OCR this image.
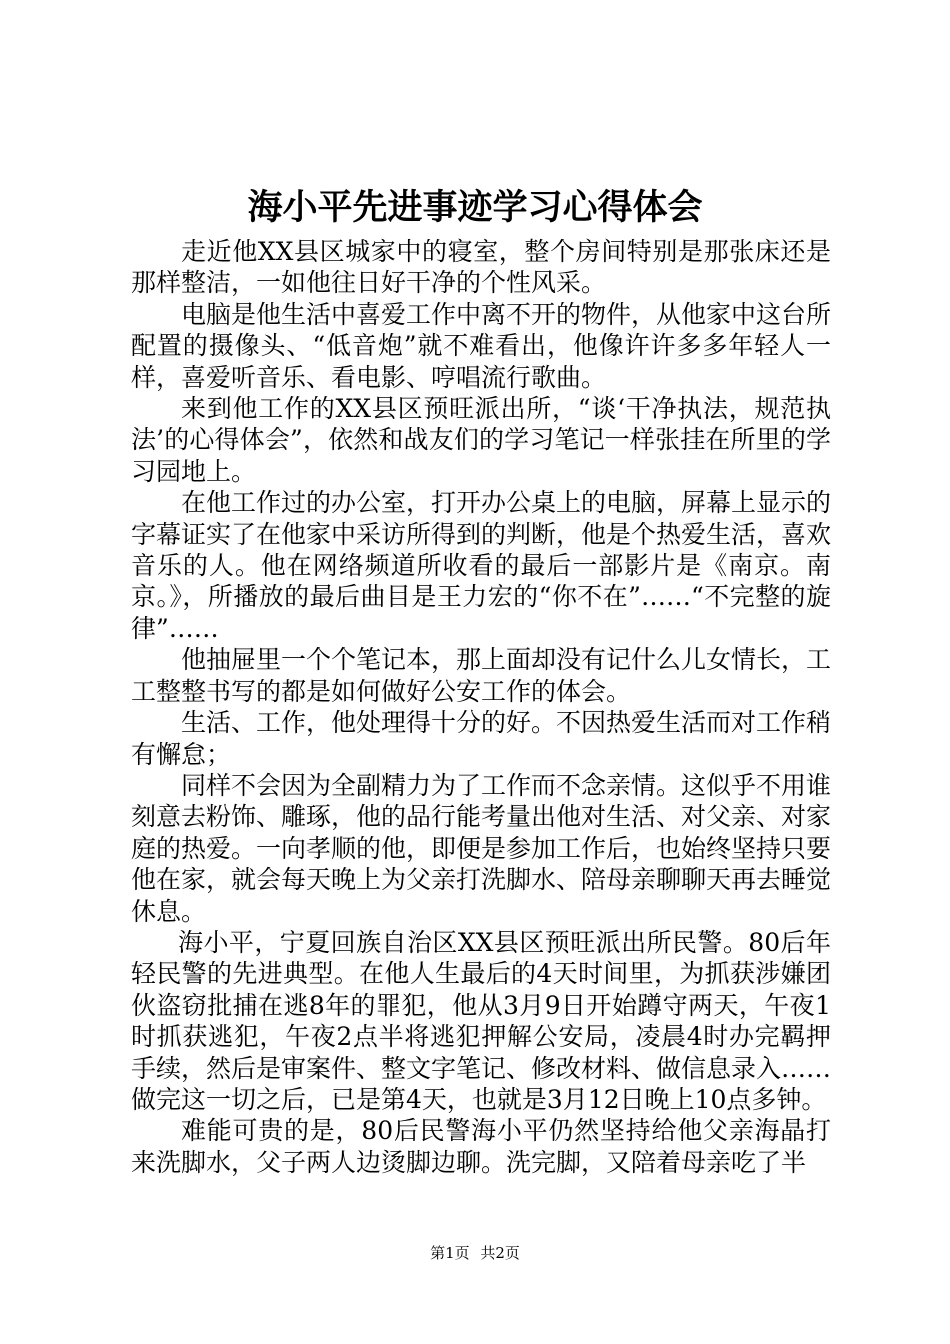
海小平先进事迹学习心得体会

走近他XX县区城家中的寝室，整个房间特别是那张床还是那样整洁，一如他往日好干净的个性风采。

电脑是他生活中喜爱工作中离不开的物件，从他家中这台所配置的摄像头、“低音炮”就不难看出，他像许许多多年轻人一样，喜爱听音乐、看电影、哼唱流行歌曲。

来到他工作的XX县区预旺派出所，“谈‘干净执法，规范执法’的心得体会”，依然和战友们的学习笔记一样张挂在所里的学习园地上。

在他工作过的办公室，打开办公桌上的电脑，屏幕上显示的字幕证实了在他家中采访所得到的判断，他是个热爱生活，喜欢音乐的人。他在网络频道所收看的最后一部影片是《南京。南京。》，所播放的最后曲目是王力宏的“你不在”……“不完整的旋律”……

他抽屉里一个个笔记本，那上面却没有记什么儿女情长，工工整整书写的都是如何做好公安工作的体会。

生活、工作，他处理得十分的好。不因热爱生活而对工作稍有懈怠；

同样不会因为全副精力为了工作而不念亲情。这似乎不用谁刻意去粉饰、雕琢，他的品行能考量出他对生活、对父亲、对家庭的热爱。一向孝顺的他，即便是参加工作后，也始终坚持只要他在家，就会每天晚上为父亲打洗脚水、陪母亲聊聊天再去睡觉休息。

海小平，宁夏回族自治区XX县区预旺派出所民警。80后年轻民警的先进典型。在他人生最后的4天时间里，为抓获涉嫌团伙盗窃批捕在逃8年的罪犯，他从3月9日开始蹲守两天，午夜1时抓获逃犯，午夜2点半将逃犯押解公安局，凌晨4时办完羁押手续，然后是审案件、整文字笔记、修改材料、做信息录入……做完这一切之后，已是第4天，也就是3月12日晚上10点多钟。

难能可贵的是，80后民警海小平仍然坚持给他父亲海晶打来洗脚水，父子两人边烫脚边聊。洗完脚，又陪着母亲吃了半

第1页 共2页
